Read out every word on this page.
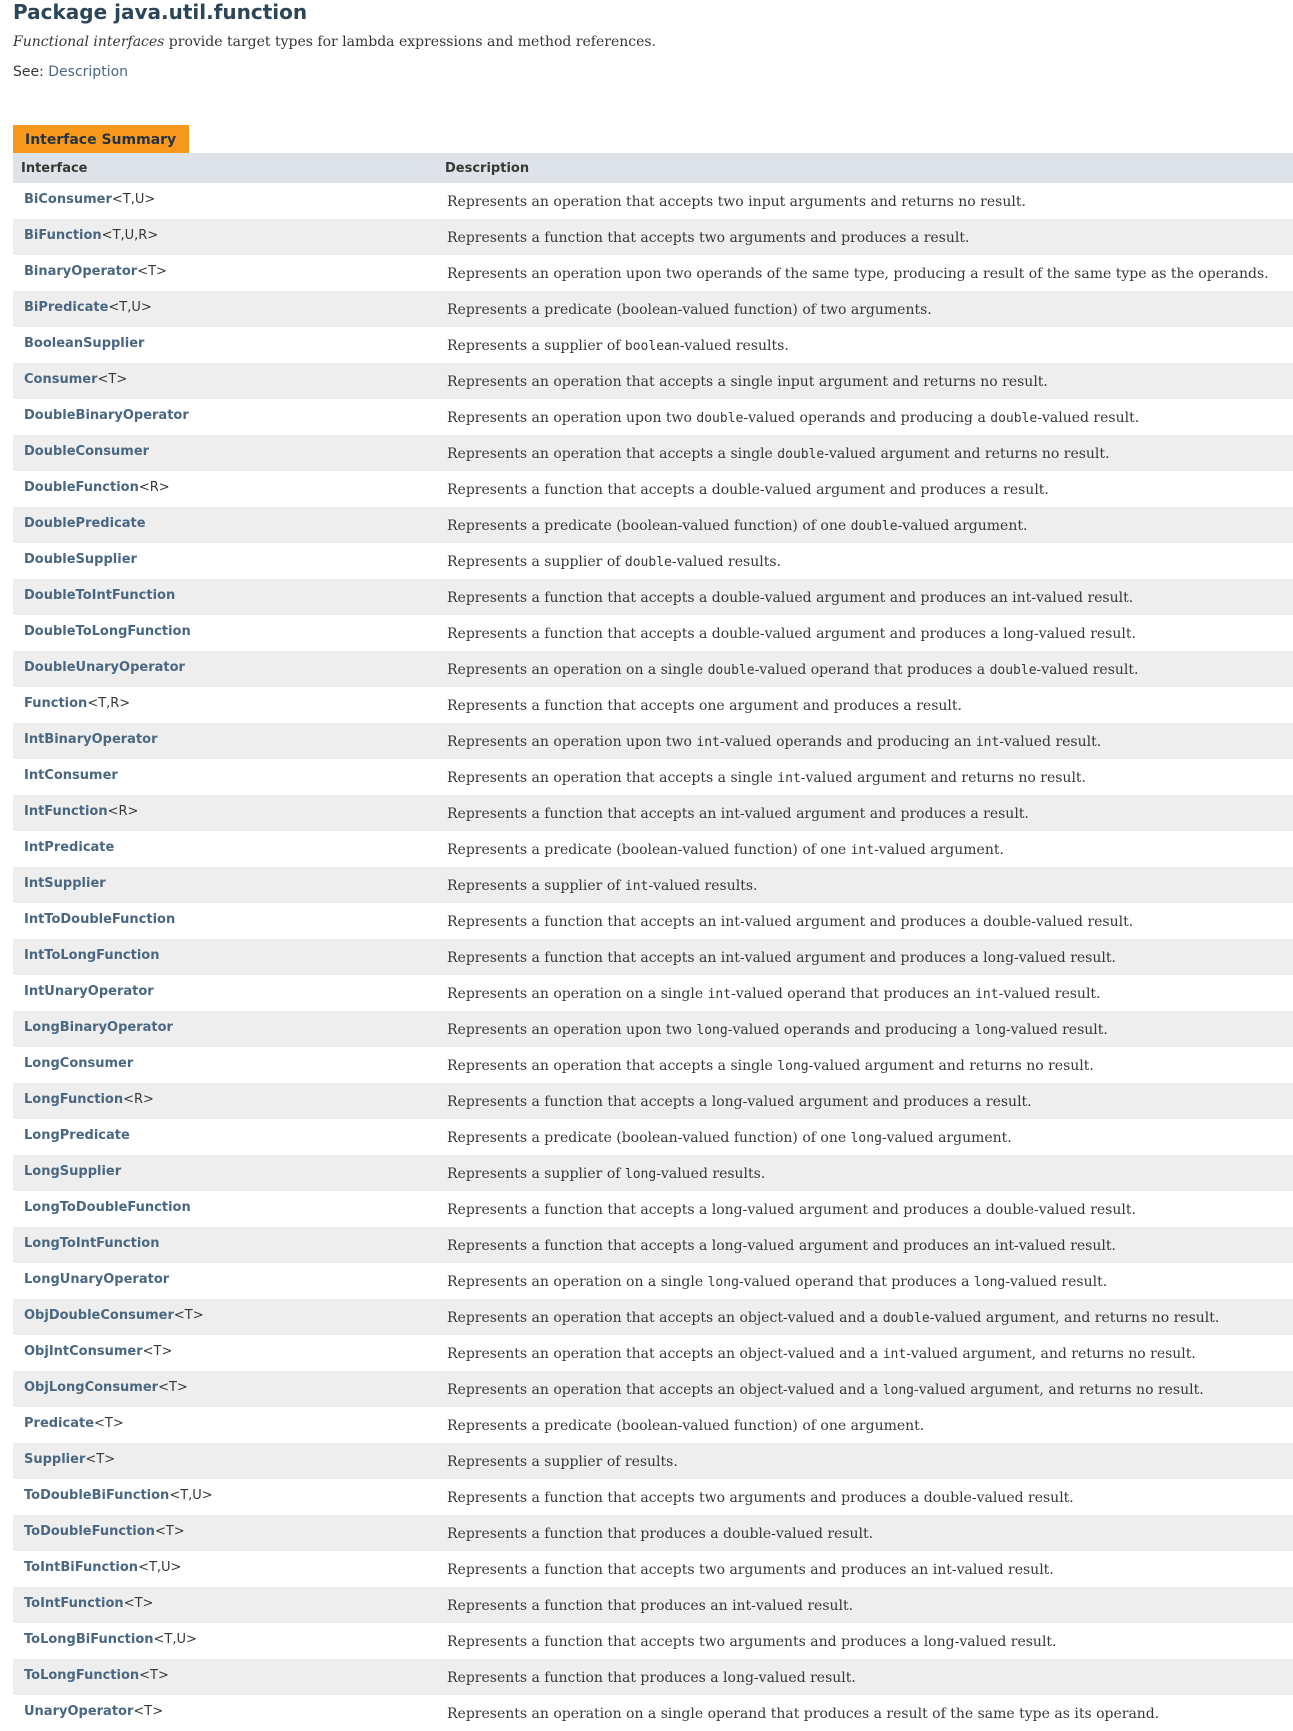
Package java.util.function

Functional interfaces provide target types for lambda expressions and method references.

See: Description

Interface Summary
Interface	Description

BiConsumer<T,U>	Represents an operation that accepts two input arguments and returns no result.

BiFunction<T,U,R>	Represents a function that accepts two arguments and produces a result.

BinaryOperator<T>	Represents an operation upon two operands of the same type, producing a result of the same type as the operands.

BiPredicate<T,U>	Represents a predicate (boolean-valued function) of two arguments.

BooleanSupplier	Represents a supplier of boolean-valued results.

Consumer<T>	Represents an operation that accepts a single input argument and returns no result.

DoubleBinaryOperator	Represents an operation upon two double-valued operands and producing a double-valued result.

DoubleConsumer	Represents an operation that accepts a single double-valued argument and returns no result.

DoubleFunction<R>	Represents a function that accepts a double-valued argument and produces a result.

DoublePredicate	Represents a predicate (boolean-valued function) of one double-valued argument.

DoubleSupplier	Represents a supplier of double-valued results.

DoubleToIntFunction	Represents a function that accepts a double-valued argument and produces an int-valued result.

DoubleToLongFunction	Represents a function that accepts a double-valued argument and produces a long-valued result.

DoubleUnaryOperator	Represents an operation on a single double-valued operand that produces a double-valued result.

Function<T,R>	Represents a function that accepts one argument and produces a result.

IntBinaryOperator	Represents an operation upon two int-valued operands and producing an int-valued result.

IntConsumer	Represents an operation that accepts a single int-valued argument and returns no result.

IntFunction<R>	Represents a function that accepts an int-valued argument and produces a result.

IntPredicate	Represents a predicate (boolean-valued function) of one int-valued argument.

IntSupplier	Represents a supplier of int-valued results.

IntToDoubleFunction	Represents a function that accepts an int-valued argument and produces a double-valued result.

IntToLongFunction	Represents a function that accepts an int-valued argument and produces a long-valued result.

IntUnaryOperator	Represents an operation on a single int-valued operand that produces an int-valued result.

LongBinaryOperator	Represents an operation upon two long-valued operands and producing a long-valued result.

LongConsumer	Represents an operation that accepts a single long-valued argument and returns no result.

LongFunction<R>	Represents a function that accepts a long-valued argument and produces a result.

LongPredicate	Represents a predicate (boolean-valued function) of one long-valued argument.

LongSupplier	Represents a supplier of long-valued results.

LongToDoubleFunction	Represents a function that accepts a long-valued argument and produces a double-valued result.

LongToIntFunction	Represents a function that accepts a long-valued argument and produces an int-valued result.

LongUnaryOperator	Represents an operation on a single long-valued operand that produces a long-valued result.

ObjDoubleConsumer<T>	Represents an operation that accepts an object-valued and a double-valued argument, and returns no result.

ObjIntConsumer<T>	Represents an operation that accepts an object-valued and a int-valued argument, and returns no result.

ObjLongConsumer<T>	Represents an operation that accepts an object-valued and a long-valued argument, and returns no result.

Predicate<T>	Represents a predicate (boolean-valued function) of one argument.

Supplier<T>	Represents a supplier of results.

ToDoubleBiFunction<T,U>	Represents a function that accepts two arguments and produces a double-valued result.

ToDoubleFunction<T>	Represents a function that produces a double-valued result.

ToIntBiFunction<T,U>	Represents a function that accepts two arguments and produces an int-valued result.

ToIntFunction<T>	Represents a function that produces an int-valued result.

ToLongBiFunction<T,U>	Represents a function that accepts two arguments and produces a long-valued result.

ToLongFunction<T>	Represents a function that produces a long-valued result.

UnaryOperator<T>	Represents an operation on a single operand that produces a result of the same type as its operand.
